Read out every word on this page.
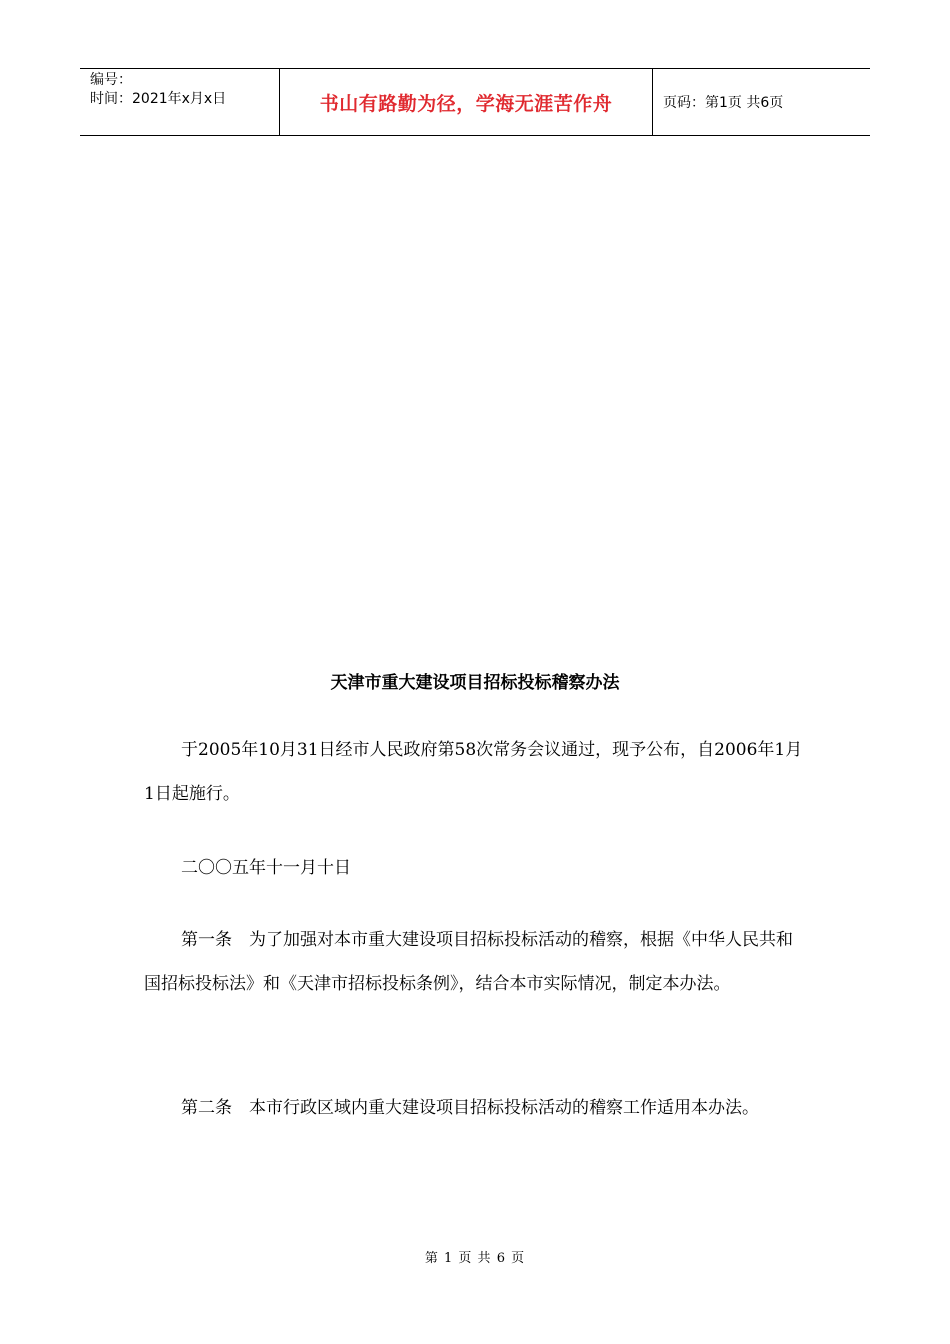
编号：
时间：2021年x月x日	书山有路勤为径，学海无涯苦作舟	页码：第1页 共6页
天津市重大建设项目招标投标稽察办法

于2005年10月31日经市人民政府第58次常务会议通过，现予公布，自2006年1月1日起施行。

二〇〇五年十一月十日

第一条　为了加强对本市重大建设项目招标投标活动的稽察，根据《中华人民共和国招标投标法》和《天津市招标投标条例》，结合本市实际情况，制定本办法。

第二条　本市行政区域内重大建设项目招标投标活动的稽察工作适用本办法。

第 1 页 共 6 页
